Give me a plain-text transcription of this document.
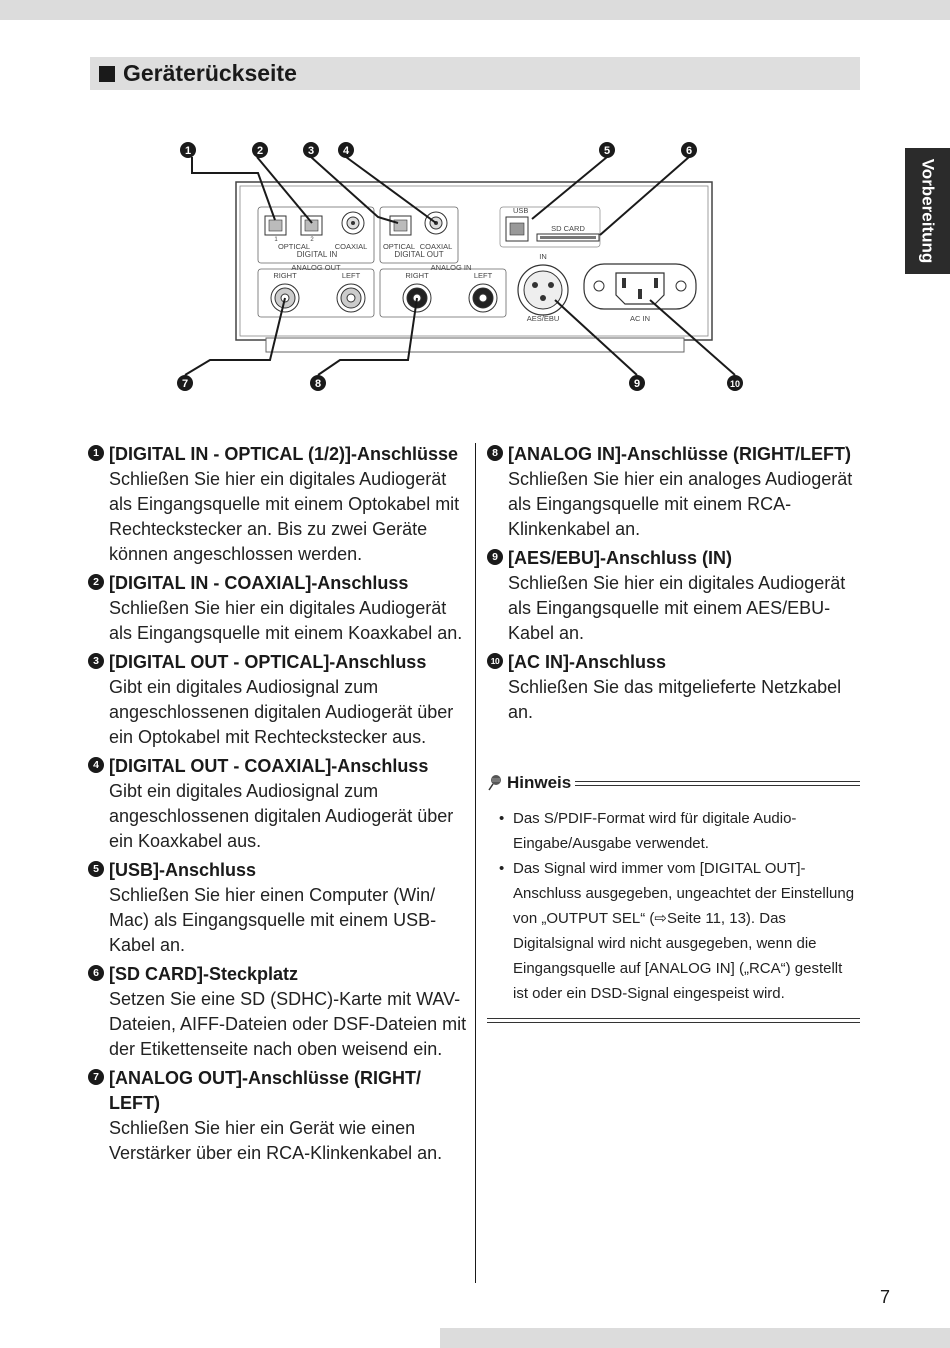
Geräterückseite
Vorbereitung
1	2	3	4	5	6
7	8	9	10
1	2
OPTICAL	COAXIAL
DIGITAL IN
OPTICAL COAXIAL
DIGITAL OUT
ANALOG OUT
RIGHT	LEFT
ANALOG IN
RIGHT	LEFT
USB
SD CARD
IN
AES/EBU	AC IN
1 [DIGITAL IN - OPTICAL (1/2)]-Anschlüsse
Schließen Sie hier ein digitales Audiogerät als Eingangsquelle mit einem Optokabel mit Rechteckstecker an. Bis zu zwei Geräte können angeschlossen werden.
2 [DIGITAL IN - COAXIAL]-Anschluss
Schließen Sie hier ein digitales Audiogerät als Eingangsquelle mit einem Koaxkabel an.
3 [DIGITAL OUT - OPTICAL]-Anschluss
Gibt ein digitales Audiosignal zum angeschlossenen digitalen Audiogerät über ein Optokabel mit Rechteckstecker aus.
4 [DIGITAL OUT - COAXIAL]-Anschluss
Gibt ein digitales Audiosignal zum angeschlossenen digitalen Audiogerät über ein Koaxkabel aus.
5 [USB]-Anschluss
Schließen Sie hier einen Computer (Win/ Mac) als Eingangsquelle mit einem USB-Kabel an.
6 [SD CARD]-Steckplatz
Setzen Sie eine SD (SDHC)-Karte mit WAV-Dateien, AIFF-Dateien oder DSF-Dateien mit der Etikettenseite nach oben weisend ein.
7 [ANALOG OUT]-Anschlüsse (RIGHT/ LEFT)
Schließen Sie hier ein Gerät wie einen Verstärker über ein RCA-Klinkenkabel an.
8 [ANALOG IN]-Anschlüsse (RIGHT/LEFT)
Schließen Sie hier ein analoges Audiogerät als Eingangsquelle mit einem RCA-Klinkenkabel an.
9 [AES/EBU]-Anschluss (IN)
Schließen Sie hier ein digitales Audiogerät als Eingangsquelle mit einem AES/EBU-Kabel an.
10 [AC IN]-Anschluss
Schließen Sie das mitgelieferte Netzkabel an.
Hinweis
• Das S/PDIF-Format wird für digitale Audio-Eingabe/Ausgabe verwendet.
• Das Signal wird immer vom [DIGITAL OUT]-Anschluss ausgegeben, ungeachtet der Einstellung von „OUTPUT SEL“ (⇨Seite 11, 13). Das Digitalsignal wird nicht ausgegeben, wenn die Eingangsquelle auf [ANALOG IN] („RCA“) gestellt ist oder ein DSD-Signal eingespeist wird.
7
